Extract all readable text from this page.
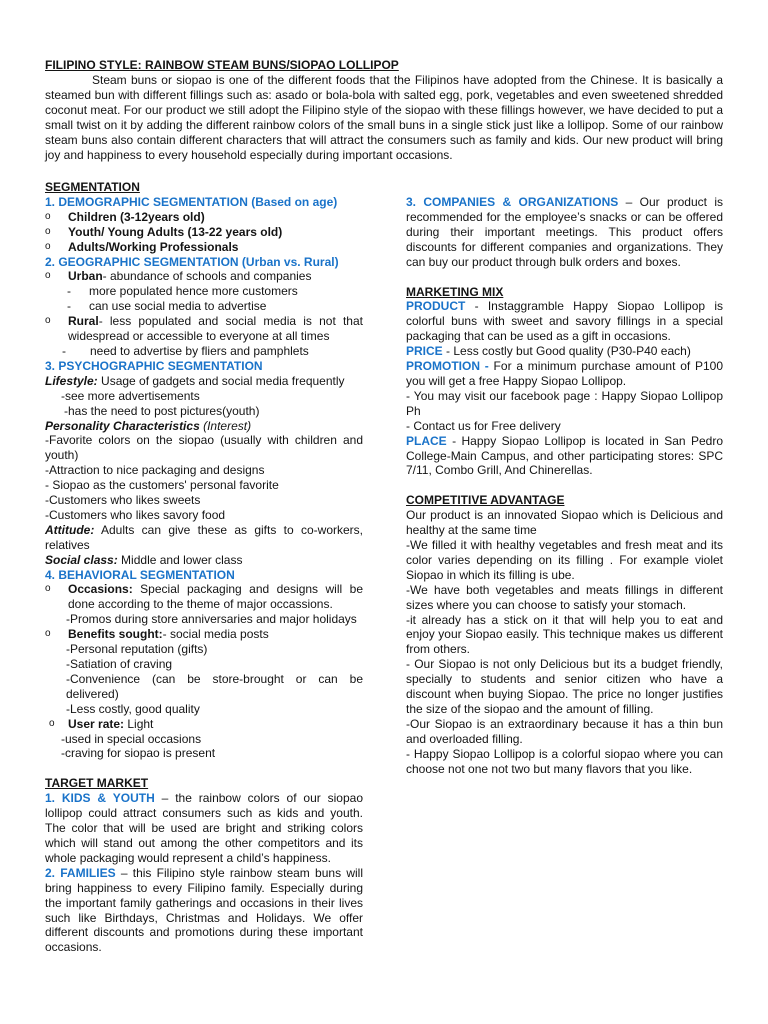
FILIPINO STYLE: RAINBOW STEAM BUNS/SIOPAO LOLLIPOP

Steam buns or siopao is one of the different foods that the Filipinos have adopted from the Chinese. It is basically a steamed bun with different fillings such as: asado or bola-bola with salted egg, pork, vegetables and even sweetened shredded coconut meat. For our product we still adopt the Filipino style of the siopao with these fillings however, we have decided to put a small twist on it by adding the different rainbow colors of the small buns in a single stick just like a lollipop. Some of our rainbow steam buns also contain different characters that will attract the consumers such as family and kids. Our new product will bring joy and happiness to every household especially during important occasions.

SEGMENTATION
1. DEMOGRAPHIC SEGMENTATION (Based on age)
o	Children (3-12years old)
o	Youth/ Young Adults (13-22 years old)
o	Adults/Working Professionals
2. GEOGRAPHIC SEGMENTATION (Urban vs. Rural)
o	Urban- abundance of schools and companies
-	more populated hence more customers
-	can use social media to advertise
o	Rural- less populated and social media is not that widespread or accessible to everyone at all times
-	need to advertise by fliers and pamphlets
3. PSYCHOGRAPHIC SEGMENTATION
Lifestyle: Usage of gadgets and social media frequently
-see more advertisements
-has the need to post pictures(youth)
Personality Characteristics (Interest)
-Favorite colors on the siopao (usually with children and youth)
-Attraction to nice packaging and designs
- Siopao as the customers' personal favorite
-Customers who likes sweets
-Customers who likes savory food
Attitude: Adults can give these as gifts to co-workers, relatives
Social class: Middle and lower class
4. BEHAVIORAL SEGMENTATION
o	Occasions: Special packaging and designs will be done according to the theme of major occassions.
-Promos during store anniversaries and major holidays
o	Benefits sought:- social media posts
-Personal reputation (gifts)
-Satiation of craving
-Convenience (can be store-brought or can be delivered)
-Less costly, good quality
o	User rate: Light
-used in special occasions
-craving for siopao is present
TARGET MARKET
1. KIDS & YOUTH – the rainbow colors of our siopao lollipop could attract consumers such as kids and youth. The color that will be used are bright and striking colors which will stand out among the other competitors and its whole packaging would represent a child’s happiness.
2. FAMILIES – this Filipino style rainbow steam buns will bring happiness to every Filipino family. Especially during the important family gatherings and occasions in their lives such like Birthdays, Christmas and Holidays. We offer different discounts and promotions during these important occasions.
3. COMPANIES & ORGANIZATIONS – Our product is recommended for the employee’s snacks or can be offered during their important meetings. This product offers discounts for different companies and organizations. They can buy our product through bulk orders and boxes.
MARKETING MIX
PRODUCT - Instaggramble Happy Siopao Lollipop is colorful buns with sweet and savory fillings in a special packaging that can be used as a gift in occasions.
PRICE - Less costly but Good quality (P30-P40 each)
PROMOTION - For a minimum purchase amount of P100 you will get a free Happy Siopao Lollipop.
- You may visit our facebook page : Happy Siopao Lollipop Ph
- Contact us for Free delivery
PLACE - Happy Siopao Lollipop is located in San Pedro College-Main Campus, and other participating stores: SPC 7/11, Combo Grill, And Chinerellas.
COMPETITIVE ADVANTAGE
Our product is an innovated Siopao which is Delicious and healthy at the same time
-We filled it with healthy vegetables and fresh meat and its color varies depending on its filling . For example violet Siopao in which its filling is ube.
-We have both vegetables and meats fillings in different sizes where you can choose to satisfy your stomach.
-it already has a stick on it that will help you to eat and enjoy your Siopao easily. This technique makes us different from others.
- Our Siopao is not only Delicious but its a budget friendly, specially to students and senior citizen who have a discount when buying Siopao. The price no longer justifies the size of the siopao and the amount of filling.
-Our Siopao is an extraordinary because it has a thin bun and overloaded filling.
- Happy Siopao Lollipop is a colorful siopao where you can choose not one not two but many flavors that you like.
